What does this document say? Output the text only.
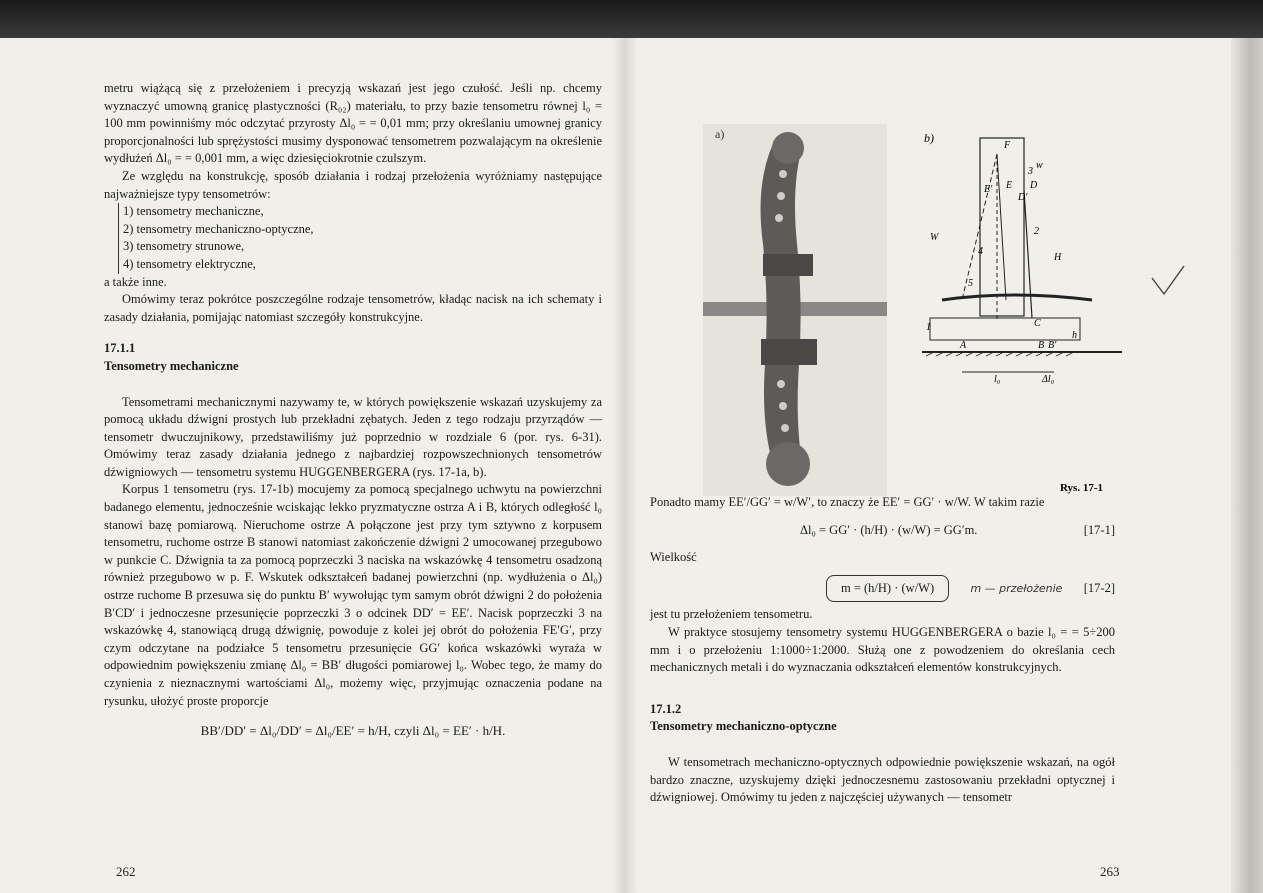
metru wiążącą się z przełożeniem i precyzją wskazań jest jego czułość. Jeśli np. chcemy wyznaczyć umowną granicę plastyczności (R₀₂) materiału, to przy bazie tensometru równej l₀ = 100 mm powinniśmy móc odczytać przyrosty Δl₀ = = 0,01 mm; przy określaniu umownej granicy proporcjonalności lub sprężystości musimy dysponować tensometrem pozwalającym na określenie wydłużeń Δl₀ = = 0,001 mm, a więc dziesięciokrotnie czulszym.

Ze względu na konstrukcję, sposób działania i rodzaj przełożenia wyróżniamy następujące najważniejsze typy tensometrów:

1) tensometry mechaniczne,
2) tensometry mechaniczno-optyczne,
3) tensometry strunowe,
4) tensometry elektryczne,

a także inne.

Omówimy teraz pokrótce poszczególne rodzaje tensometrów, kładąc nacisk na ich schematy i zasady działania, pomijając natomiast szczegóły konstrukcyjne.

17.1.1

Tensometry mechaniczne

Tensometrami mechanicznymi nazywamy te, w których powiększenie wskazań uzyskujemy za pomocą układu dźwigni prostych lub przekładni zębatych. Jeden z tego rodzaju przyrządów — tensometr dwuczujnikowy, przedstawiliśmy już poprzednio w rozdziale 6 (por. rys. 6-31). Omówimy teraz zasady działania jednego z najbardziej rozpowszechnionych tensometrów dźwigniowych — tensometru systemu HUGGENBERGERA (rys. 17-1a, b).

Korpus 1 tensometru (rys. 17-1b) mocujemy za pomocą specjalnego uchwytu na powierzchni badanego elementu, jednocześnie wciskając lekko pryzmatyczne ostrza A i B, których odległość l₀ stanowi bazę pomiarową. Nieruchome ostrze A połączone jest przy tym sztywno z korpusem tensometru, ruchome ostrze B stanowi natomiast zakończenie dźwigni 2 umocowanej przegubowo w punkcie C. Dźwignia ta za pomocą poprzeczki 3 naciska na wskazówkę 4 tensometru osadzoną również przegubowo w p. F. Wskutek odkształceń badanej powierzchni (np. wydłużenia o Δl₀) ostrze ruchome B przesuwa się do punktu B′ wywołując tym samym obrót dźwigni 2 do położenia B′CD′ i jednoczesne przesunięcie poprzeczki 3 o odcinek DD′ = EE′. Nacisk poprzeczki 3 na wskazówkę 4, stanowiącą drugą dźwignię, powoduje z kolei jej obrót do położenia FE′G′, przy czym odczytane na podziałce 5 tensometru przesunięcie GG′ końca wskazówki wyraża w odpowiednim powiększeniu zmianę Δl₀ = BB′ długości pomiarowej l₀. Wobec tego, że mamy do czynienia z nieznacznymi wartościami Δl₀, możemy więc, przyjmując oznaczenia podane na rysunku, ułożyć proste proporcje

BB′/DD′ = Δl₀/DD′ = Δl₀/EE′ = h/H, czyli Δl₀ = EE′ · h/H.

262
a)	b)
F
E D
E′
D′
C
A	B B′
H
h
W
w
l₀	Δl₀
1
2
3
4
5
Rys. 17-1

Ponadto mamy EE′/GG′ = w/W′, to znaczy że EE′ = GG′ · w/W. W takim razie

Δl₀ = GG′ · (h/H) · (w/W) = GG′m.	[17-1]

Wielkość

m = (h/H) · (w/W)	m — przełożenie [17-2]

jest tu przełożeniem tensometru.

W praktyce stosujemy tensometry systemu HUGGENBERGERA o bazie l₀ = = 5÷200 mm i o przełożeniu 1:1000÷1:2000. Służą one z powodzeniem do określania cech mechanicznych metali i do wyznaczania odkształceń elementów konstrukcyjnych.

17.1.2

Tensometry mechaniczno-optyczne

W tensometrach mechaniczno-optycznych odpowiednie powiększenie wskazań, na ogół bardzo znaczne, uzyskujemy dzięki jednoczesnemu zastosowaniu przekładni optycznej i dźwigniowej. Omówimy tu jeden z najczęściej używanych — tensometr

263
